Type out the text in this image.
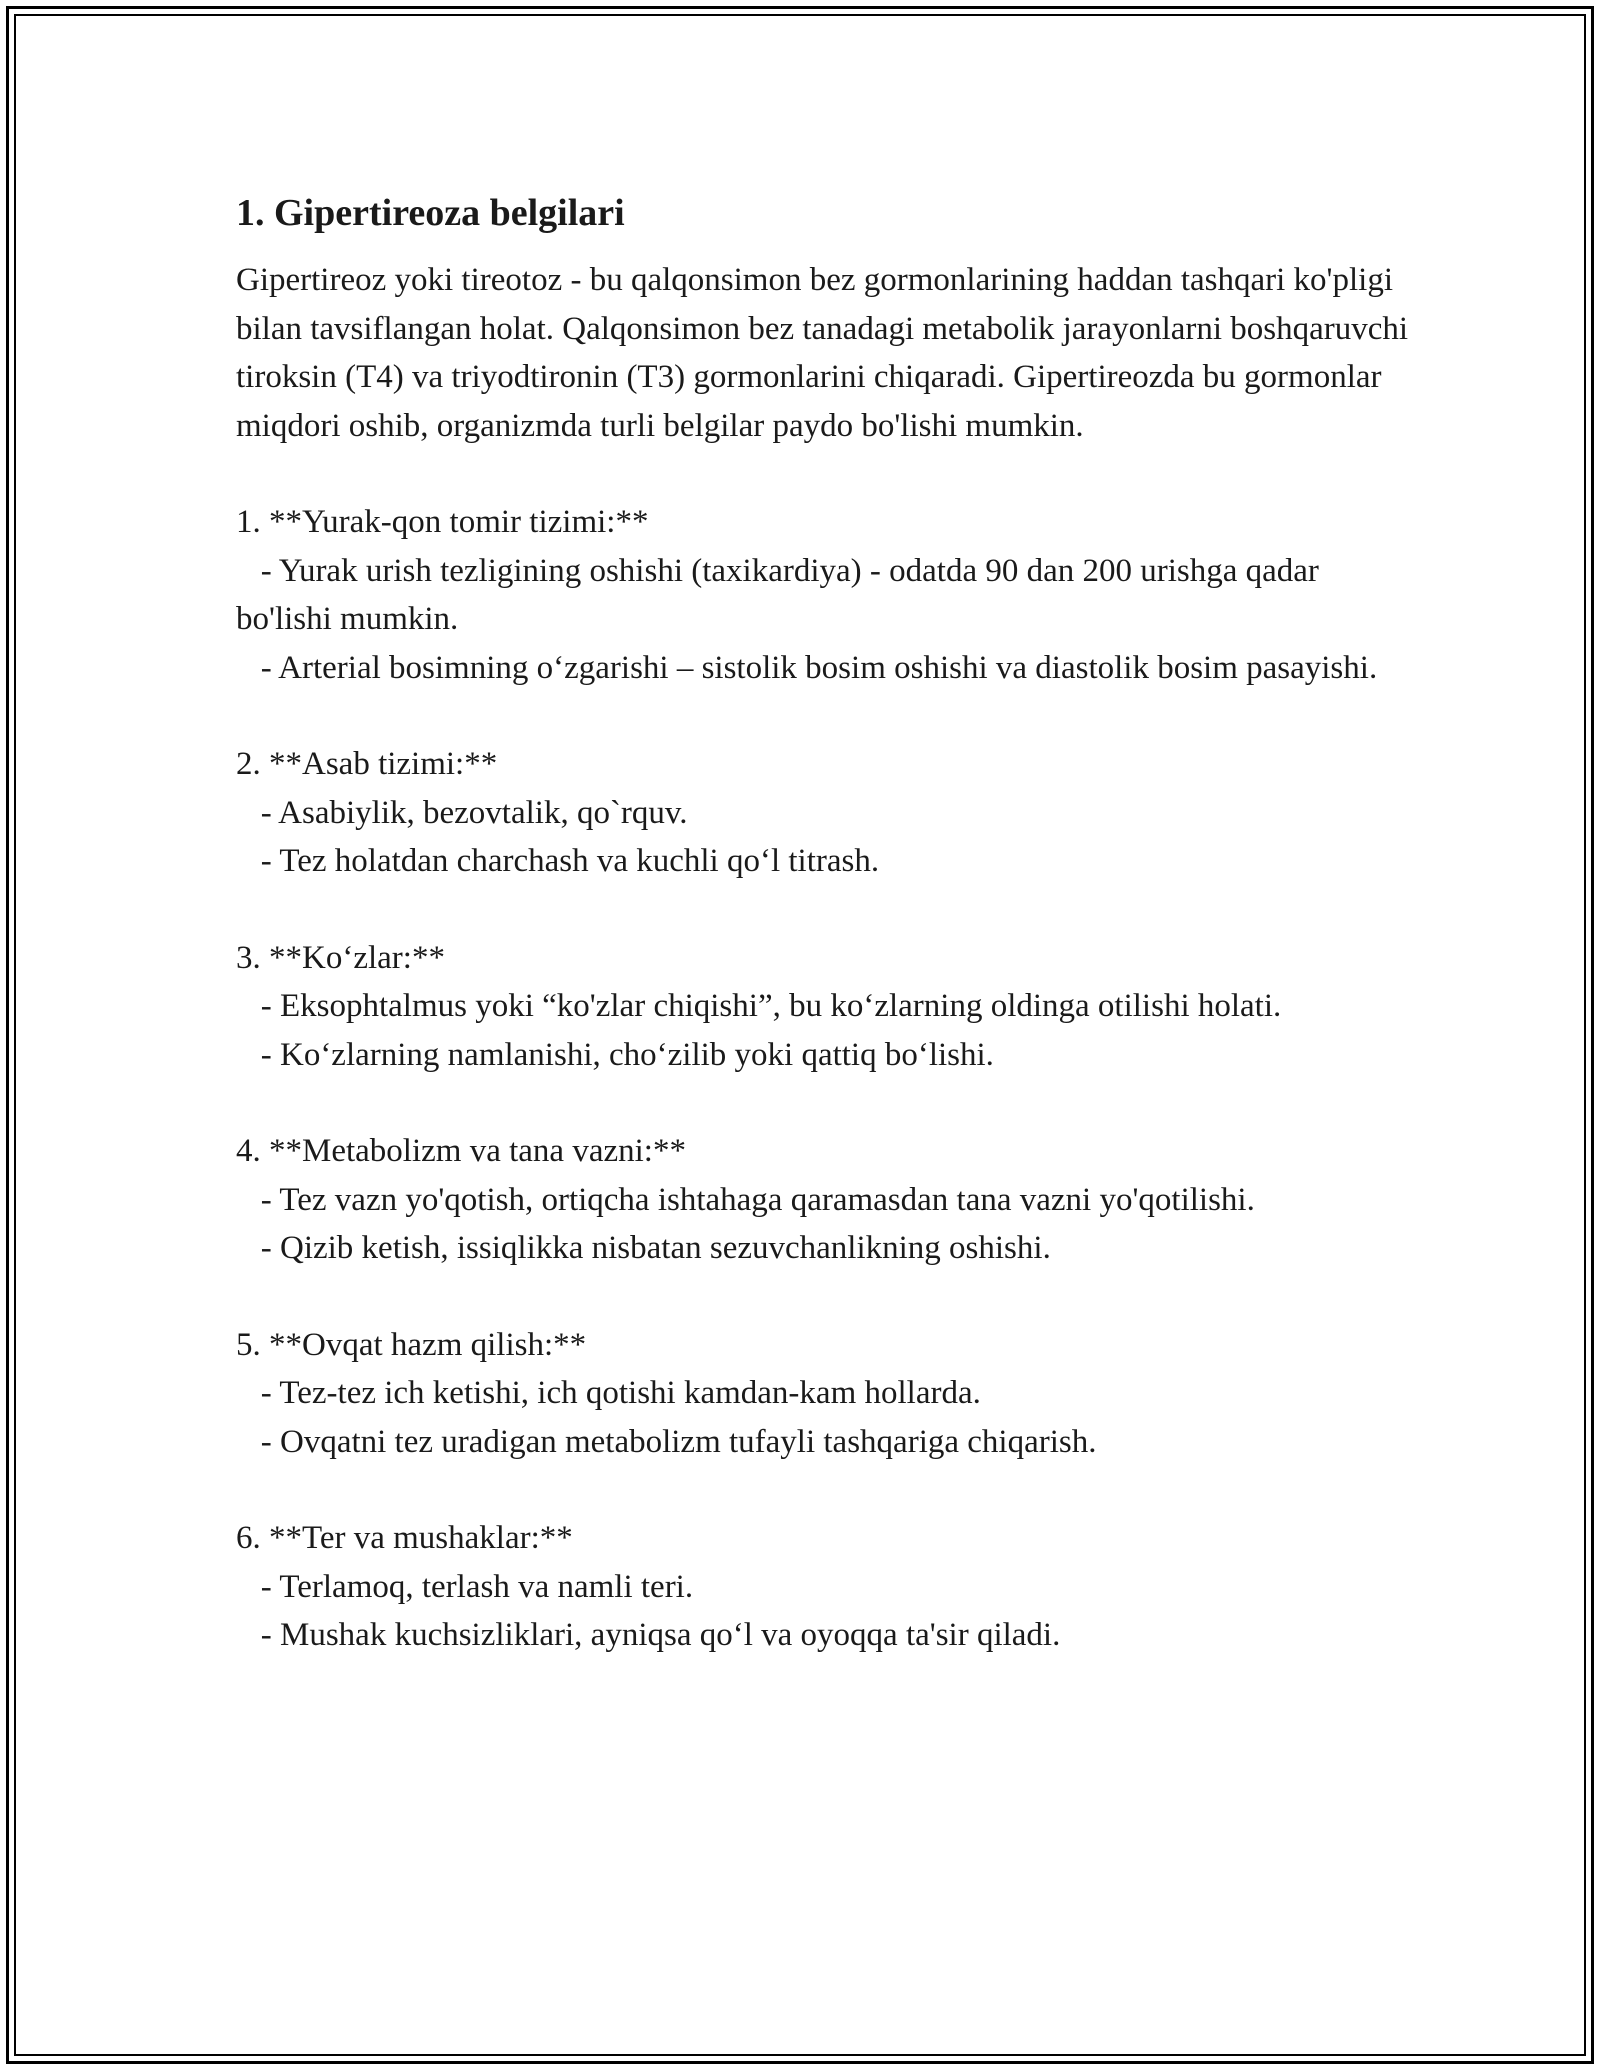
1. Gipertireoza belgilari

Gipertireoz yoki tireotoz - bu qalqonsimon bez gormonlarining haddan tashqari ko'pligi bilan tavsiflangan holat. Qalqonsimon bez tanadagi metabolik jarayonlarni boshqaruvchi tiroksin (T4) va triyodtironin (T3) gormonlarini chiqaradi. Gipertireozda bu gormonlar miqdori oshib, organizmda turli belgilar paydo bo'lishi mumkin.

1. **Yurak-qon tomir tizimi:**

- Yurak urish tezligining oshishi (taxikardiya) - odatda 90 dan 200 urishga qadar bo'lishi mumkin.

- Arterial bosimning o‘zgarishi – sistolik bosim oshishi va diastolik bosim pasayishi.

2. **Asab tizimi:**

- Asabiylik, bezovtalik, qo`rquv.

- Tez holatdan charchash va kuchli qo‘l titrash.

3. **Ko‘zlar:**

- Eksophtalmus yoki “ko'zlar chiqishi”, bu ko‘zlarning oldinga otilishi holati.

- Ko‘zlarning namlanishi, cho‘zilib yoki qattiq bo‘lishi.

4. **Metabolizm va tana vazni:**

- Tez vazn yo'qotish, ortiqcha ishtahaga qaramasdan tana vazni yo'qotilishi.

- Qizib ketish, issiqlikka nisbatan sezuvchanlikning oshishi.

5. **Ovqat hazm qilish:**

- Tez-tez ich ketishi, ich qotishi kamdan-kam hollarda.

- Ovqatni tez uradigan metabolizm tufayli tashqariga chiqarish.

6. **Ter va mushaklar:**

- Terlamoq, terlash va namli teri.

- Mushak kuchsizliklari, ayniqsa qo‘l va oyoqqa ta'sir qiladi.
